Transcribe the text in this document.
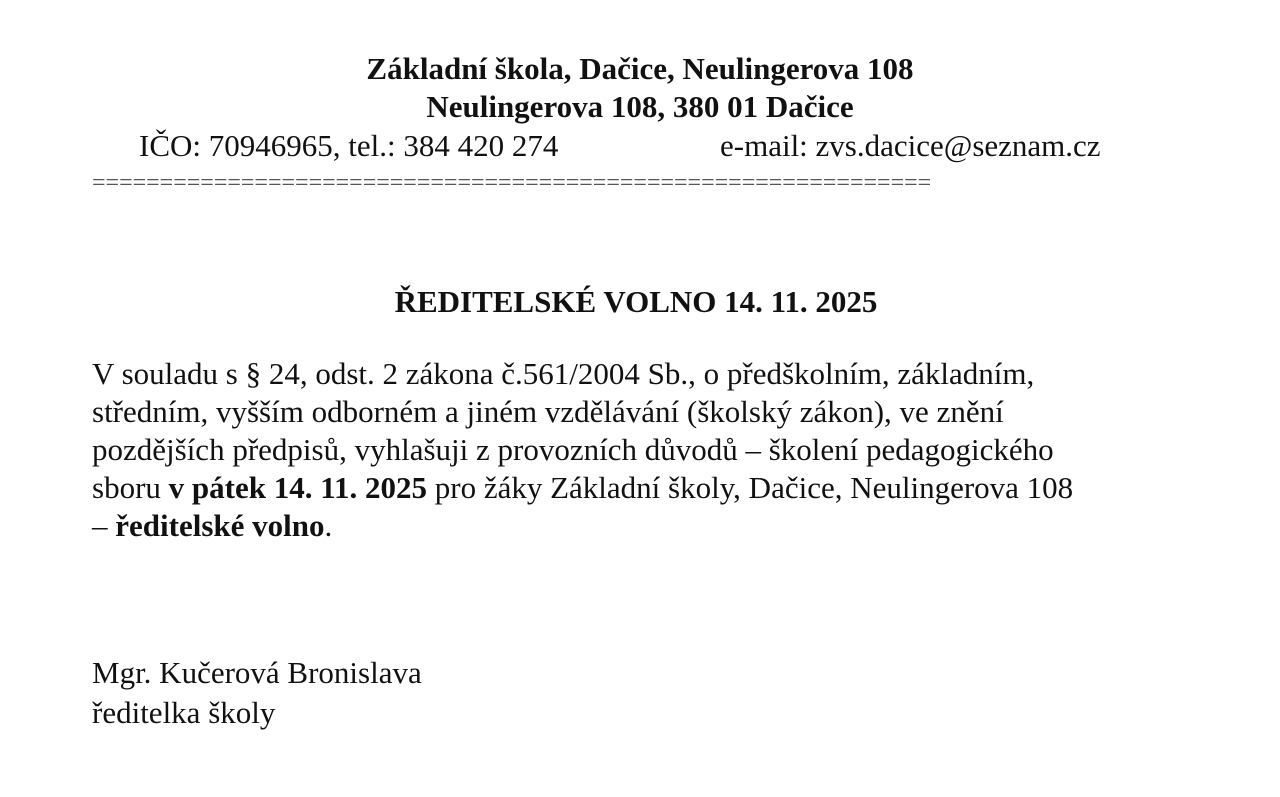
Základní škola, Dačice, Neulingerova 108

Neulingerova 108, 380 01 Dačice

IČO: 70946965, tel.: 384 420 274	e-mail: zvs.dacice@seznam.cz
==============================================================
ŘEDITELSKÉ VOLNO 14. 11. 2025

V souladu s § 24, odst. 2 zákona č.561/2004 Sb., o předškolním, základním,
středním, vyšším odborném a jiném vzdělávání (školský zákon), ve znění
pozdějších předpisů, vyhlašuji z provozních důvodů – školení pedagogického
sboru v pátek 14. 11. 2025 pro žáky Základní školy, Dačice, Neulingerova 108
– ředitelské volno.

Mgr. Kučerová Bronislava
ředitelka školy
